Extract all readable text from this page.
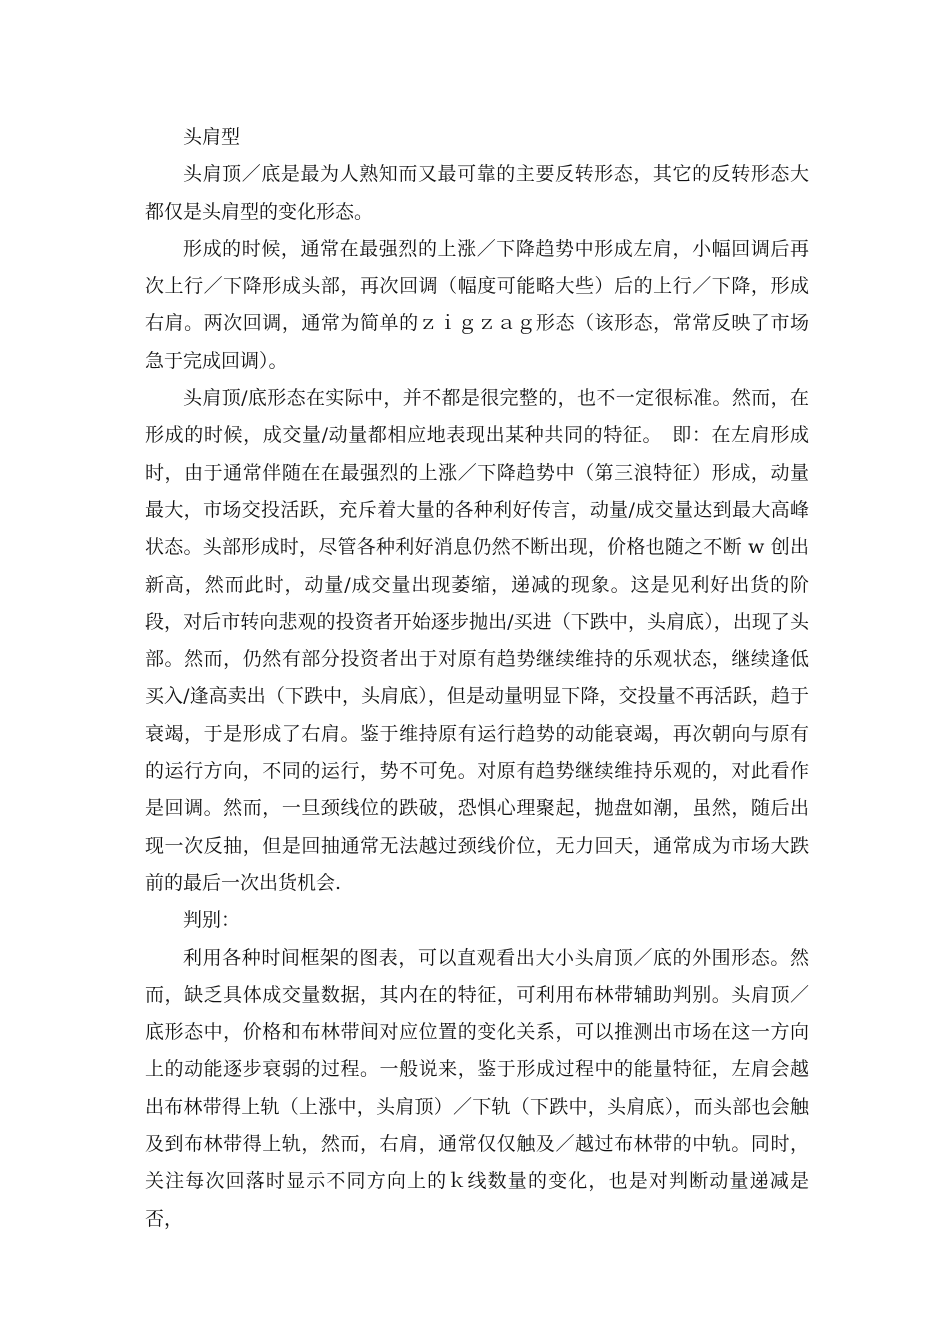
头肩型

头肩顶／底是最为人熟知而又最可靠的主要反转形态，其它的反转形态大都仅是头肩型的变化形态。

形成的时候，通常在最强烈的上涨／下降趋势中形成左肩，小幅回调后再次上行／下降形成头部，再次回调（幅度可能略大些）后的上行／下降，形成右肩。两次回调，通常为简单的ｚｉｇｚａｇ形态（该形态，常常反映了市场急于完成回调）。

头肩顶/底形态在实际中，并不都是很完整的，也不一定很标准。然而，在形成的时候，成交量/动量都相应地表现出某种共同的特征。　即：在左肩形成时，由于通常伴随在在最强烈的上涨／下降趋势中（第三浪特征）形成，动量最大，市场交投活跃，充斥着大量的各种利好传言，动量/成交量达到最大高峰状态。头部形成时，尽管各种利好消息仍然不断出现，价格也随之不断 w 创出新高，然而此时，动量/成交量出现萎缩，递减的现象。这是见利好出货的阶段，对后市转向悲观的投资者开始逐步抛出/买进（下跌中，头肩底），出现了头部。然而，仍然有部分投资者出于对原有趋势继续维持的乐观状态，继续逢低买入/逢高卖出（下跌中，头肩底），但是动量明显下降，交投量不再活跃，趋于衰竭，于是形成了右肩。鉴于维持原有运行趋势的动能衰竭，再次朝向与原有的运行方向，不同的运行，势不可免。对原有趋势继续维持乐观的，对此看作是回调。然而，一旦颈线位的跌破，恐惧心理聚起，抛盘如潮，虽然，随后出现一次反抽，但是回抽通常无法越过颈线价位，无力回天，通常成为市场大跌前的最后一次出货机会.

判别：

利用各种时间框架的图表，可以直观看出大小头肩顶／底的外围形态。然而，缺乏具体成交量数据，其内在的特征，可利用布林带辅助判别。头肩顶／底形态中，价格和布林带间对应位置的变化关系，可以推测出市场在这一方向上的动能逐步衰弱的过程。一般说来，鉴于形成过程中的能量特征，左肩会越出布林带得上轨（上涨中，头肩顶）／下轨（下跌中，头肩底），而头部也会触及到布林带得上轨，然而，右肩，通常仅仅触及／越过布林带的中轨。同时，关注每次回落时显示不同方向上的ｋ线数量的变化，也是对判断动量递减是否，
